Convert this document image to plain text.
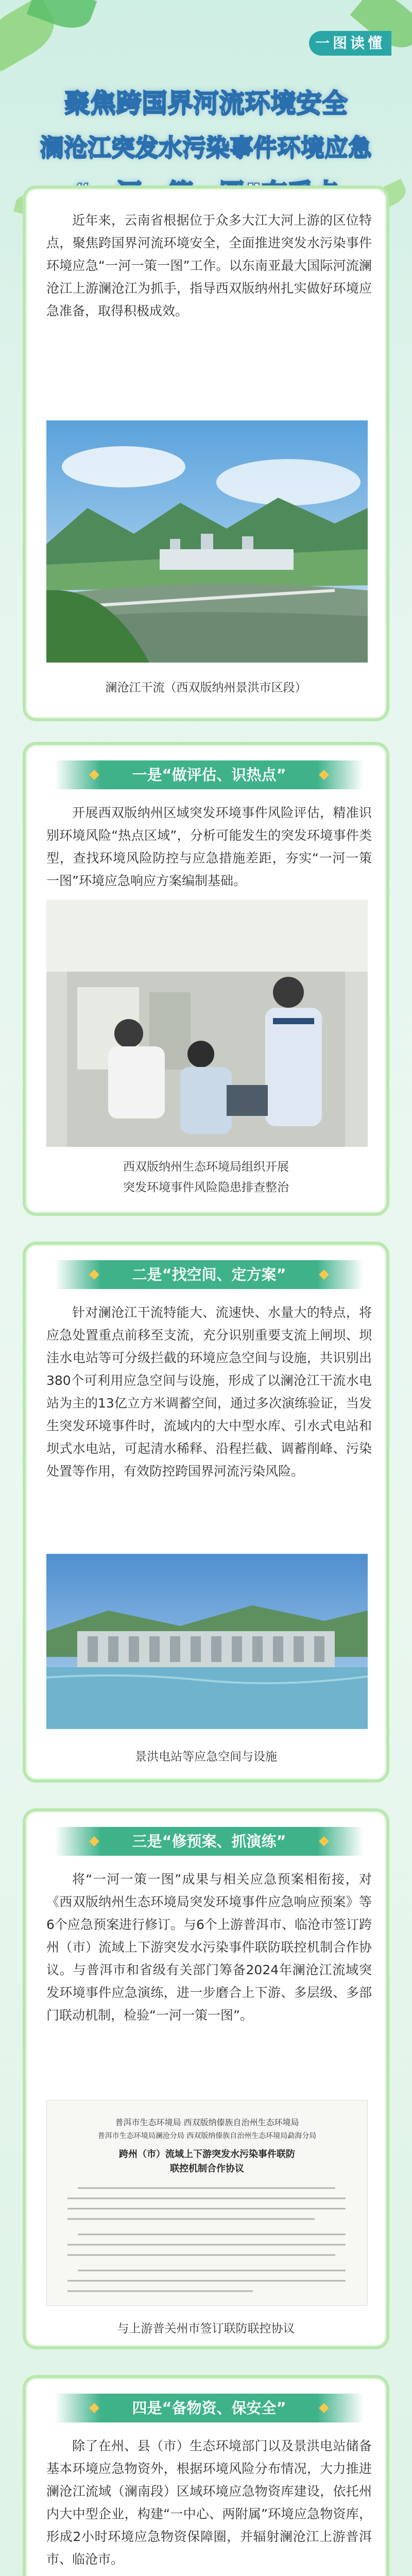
一图读懂
聚焦跨国界河流环境安全
澜沧江突发水污染事件环境应急

近年来，云南省根据位于众多大江大河上游的区位特点，聚焦跨国界河流环境安全，全面推进突发水污染事件环境应急“一河一策一图”工作。以东南亚最大国际河流澜沧江上游澜沧江为抓手，指导西双版纳州扎实做好环境应急准备，取得积极成效。

澜沧江干流（西双版纳州景洪市区段）
一是“做评估、识热点”

开展西双版纳州区域突发环境事件风险评估，精准识别环境风险“热点区域”，分析可能发生的突发环境事件类型，查找环境风险防控与应急措施差距，夯实“一河一策一图”环境应急响应方案编制基础。

西双版纳州生态环境局组织开展
突发环境事件风险隐患排查整治
二是“找空间、定方案”

针对澜沧江干流特能大、流速快、水量大的特点，将应急处置重点前移至支流，充分识别重要支流上闸坝、坝洼水电站等可分级拦截的环境应急空间与设施，共识别出380个可利用应急空间与设施，形成了以澜沧江干流水电站为主的13亿立方米调蓄空间，通过多次演练验证，当发生突发环境事件时，流域内的大中型水库、引水式电站和坝式水电站，可起清水稀释、沿程拦截、调蓄削峰、污染处置等作用，有效防控跨国界河流污染风险。

景洪电站等应急空间与设施
三是“修预案、抓演练”

将“一河一策一图”成果与相关应急预案相衔接，对《西双版纳州生态环境局突发环境事件应急响应预案》等6个应急预案进行修订。与6个上游普洱市、临沧市签订跨州（市）流域上下游突发水污染事件联防联控机制合作协议。与普洱市和省级有关部门筹备2024年澜沧江流域突发环境事件应急演练，进一步磨合上下游、多层级、多部门联动机制，检验“一河一策一图”。

普洱市生态环境局 西双版纳傣族自治州生态环境局
普洱市生态环境局澜沧分局 西双版纳傣族自治州生态环境局勐海分局
跨州（市）流域上下游突发水污染事件联防
联控机制合作协议
与上游普关州市签订联防联控协议
四是“备物资、保安全”

除了在州、县（市）生态环境部门以及景洪电站储备基本环境应急物资外，根据环境风险分布情况，大力推进澜沧江流域（澜南段）区域环境应急物资库建设，依托州内大中型企业，构建“一中心、两附属”环境应急物资库，形成2小时环境应急物资保障圈，并辐射澜沧江上游普洱市、临沧市。
